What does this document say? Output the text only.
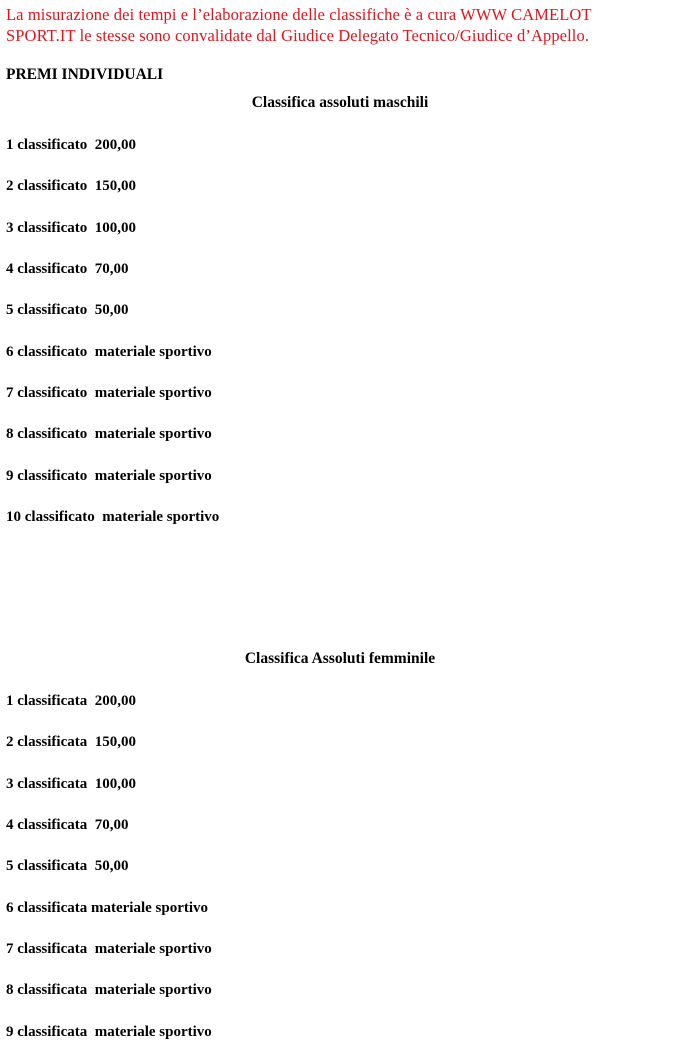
La misurazione dei tempi e l’elaborazione delle classifiche è a cura WWW CAMELOT
SPORT.IT le stesse sono convalidate dal Giudice Delegato Tecnico/Giudice d’Appello.
PREMI INDIVIDUALI
Classifica assoluti maschili
1 classificato  200,00
2 classificato  150,00
3 classificato  100,00
4 classificato  70,00
5 classificato  50,00
6 classificato  materiale sportivo
7 classificato  materiale sportivo
8 classificato  materiale sportivo
9 classificato  materiale sportivo
10 classificato  materiale sportivo
Classifica Assoluti femminile
1 classificata  200,00
2 classificata  150,00
3 classificata  100,00
4 classificata  70,00
5 classificata  50,00
6 classificata materiale sportivo
7 classificata  materiale sportivo
8 classificata  materiale sportivo
9 classificata  materiale sportivo
